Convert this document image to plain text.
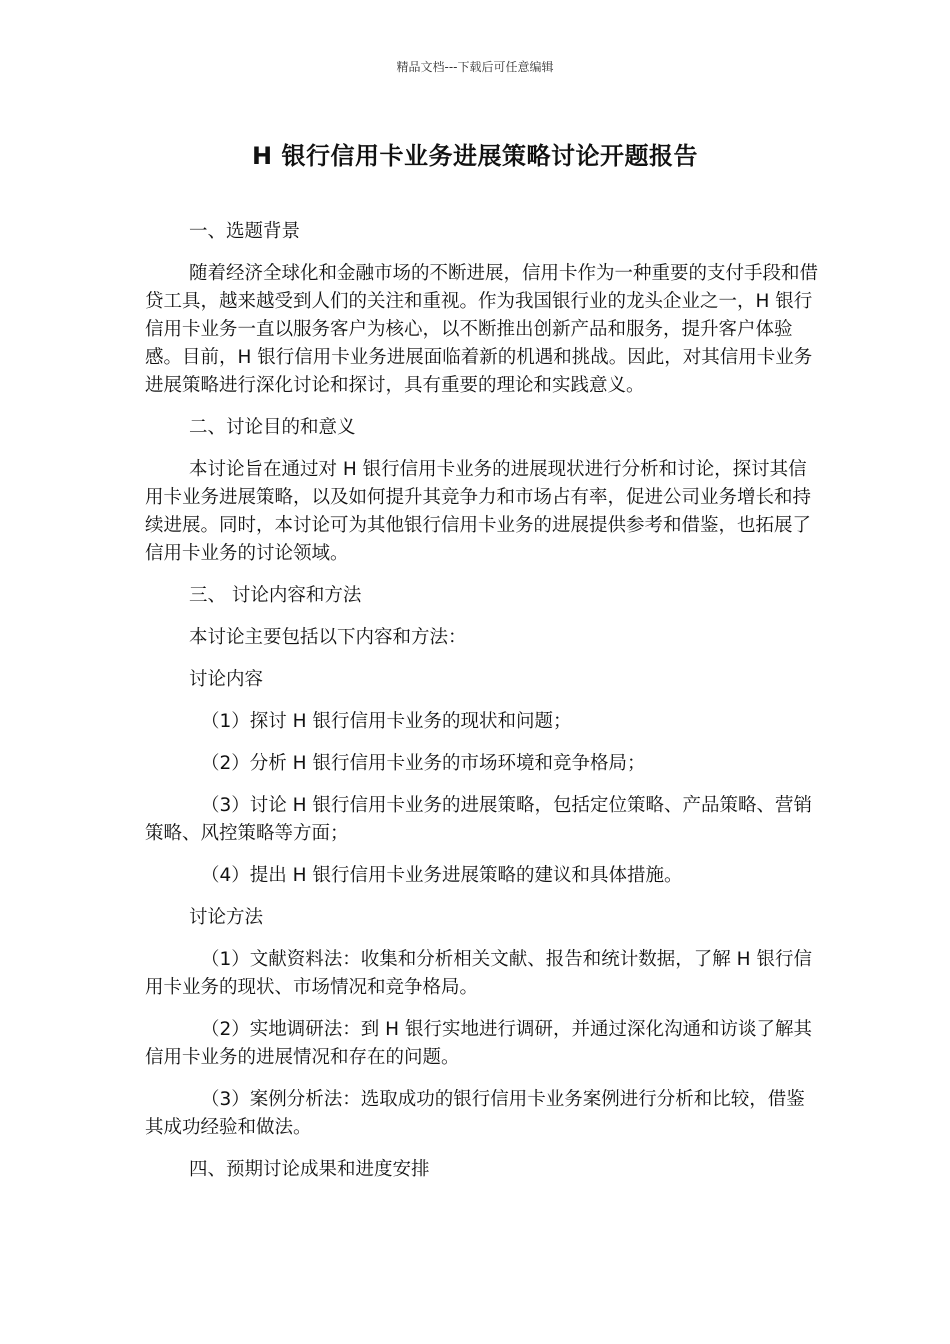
精品文档---下载后可任意编辑
H 银行信用卡业务进展策略讨论开题报告

一、选题背景

随着经济全球化和金融市场的不断进展，信用卡作为一种重要的支付手段和借贷工具，越来越受到人们的关注和重视。作为我国银行业的龙头企业之一，H 银行信用卡业务一直以服务客户为核心，以不断推出创新产品和服务，提升客户体验感。目前，H 银行信用卡业务进展面临着新的机遇和挑战。因此，对其信用卡业务进展策略进行深化讨论和探讨，具有重要的理论和实践意义。

二、讨论目的和意义

本讨论旨在通过对 H 银行信用卡业务的进展现状进行分析和讨论，探讨其信用卡业务进展策略，以及如何提升其竞争力和市场占有率，促进公司业务增长和持续进展。同时，本讨论可为其他银行信用卡业务的进展提供参考和借鉴，也拓展了信用卡业务的讨论领域。

三、 讨论内容和方法

本讨论主要包括以下内容和方法：

讨论内容

（1）探讨 H 银行信用卡业务的现状和问题；

（2）分析 H 银行信用卡业务的市场环境和竞争格局；

（3）讨论 H 银行信用卡业务的进展策略，包括定位策略、产品策略、营销策略、风控策略等方面；

（4）提出 H 银行信用卡业务进展策略的建议和具体措施。

讨论方法

（1）文献资料法：收集和分析相关文献、报告和统计数据，了解 H 银行信用卡业务的现状、市场情况和竞争格局。

（2）实地调研法：到 H 银行实地进行调研，并通过深化沟通和访谈了解其信用卡业务的进展情况和存在的问题。

（3）案例分析法：选取成功的银行信用卡业务案例进行分析和比较，借鉴其成功经验和做法。

四、预期讨论成果和进度安排
